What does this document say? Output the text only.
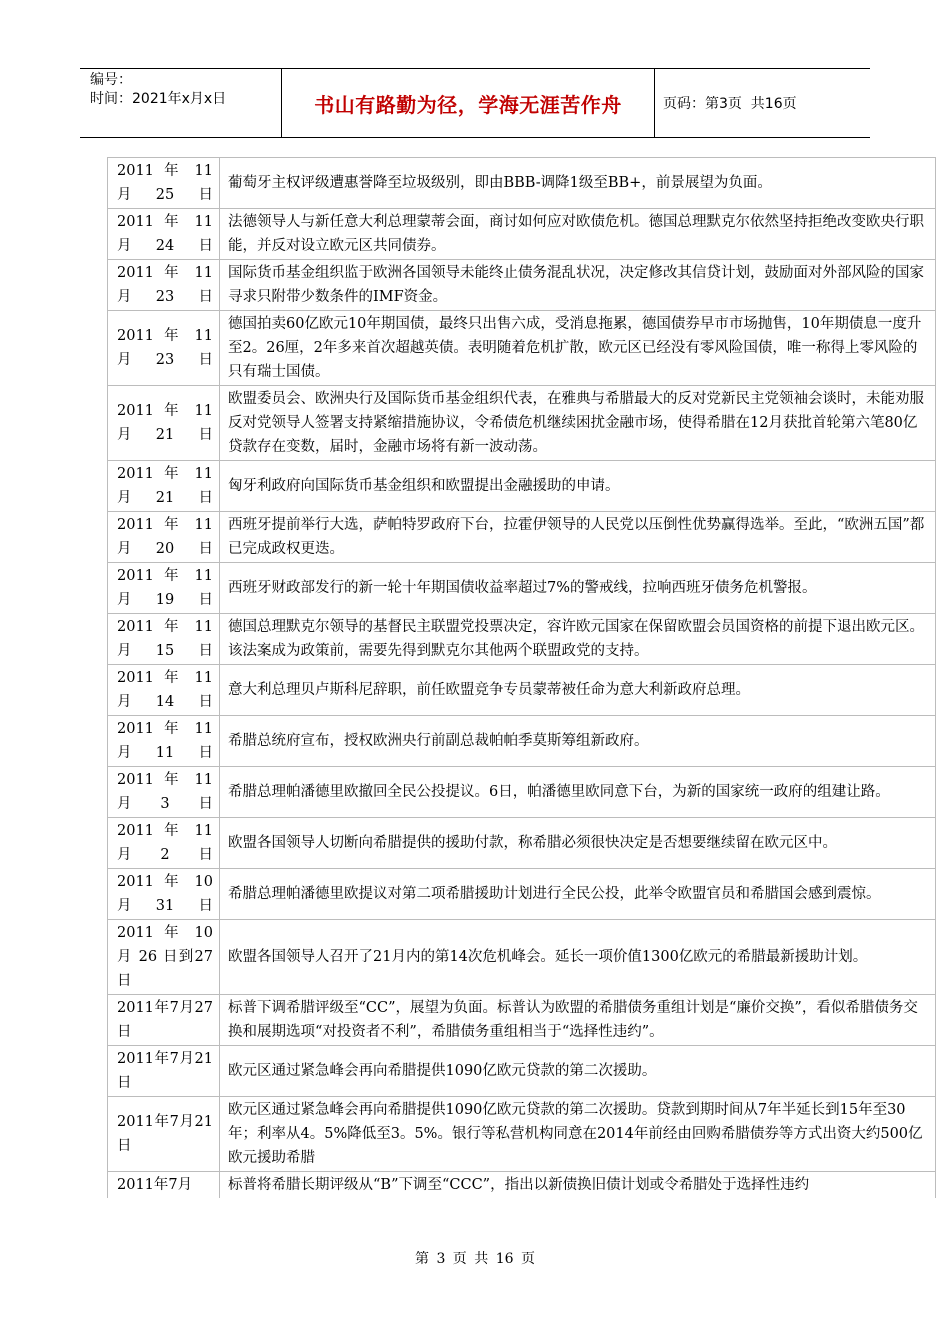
编号：
时间：2021年x月x日	书山有路勤为径，学海无涯苦作舟	页码：第3页  共16页
2011 年 11 月25日	葡萄牙主权评级遭惠誉降至垃圾级别，即由BBB-调降1级至BB+，前景展望为负面。
2011 年 11 月24日	法德领导人与新任意大利总理蒙蒂会面，商讨如何应对欧债危机。德国总理默克尔依然坚持拒绝改变欧央行职能，并反对设立欧元区共同债券。
2011 年 11 月23日	国际货币基金组织监于欧洲各国领导未能终止债务混乱状况，决定修改其信贷计划，鼓励面对外部风险的国家寻求只附带少数条件的IMF资金。
2011 年 11 月23日	德国拍卖60亿欧元10年期国债，最终只出售六成，受消息拖累，德国债券早市市场抛售，10年期债息一度升至2。26厘，2年多来首次超越英债。表明随着危机扩散，欧元区已经没有零风险国债，唯一称得上零风险的只有瑞士国债。
2011 年 11 月21日	欧盟委员会、欧洲央行及国际货币基金组织代表，在雅典与希腊最大的反对党新民主党领袖会谈时，未能劝服反对党领导人签署支持紧缩措施协议，令希债危机继续困扰金融市场，使得希腊在12月获批首轮第六笔80亿贷款存在变数，届时，金融市场将有新一波动荡。
2011 年 11 月21日	匈牙利政府向国际货币基金组织和欧盟提出金融援助的申请。
2011 年 11 月20日	西班牙提前举行大选，萨帕特罗政府下台，拉霍伊领导的人民党以压倒性优势赢得选举。至此，“欧洲五国”都已完成政权更迭。
2011 年 11 月19日	西班牙财政部发行的新一轮十年期国债收益率超过7%的警戒线，拉响西班牙债务危机警报。
2011 年 11 月15日	德国总理默克尔领导的基督民主联盟党投票决定，容许欧元国家在保留欧盟会员国资格的前提下退出欧元区。该法案成为政策前，需要先得到默克尔其他两个联盟政党的支持。
2011 年 11 月14日	意大利总理贝卢斯科尼辞职，前任欧盟竞争专员蒙蒂被任命为意大利新政府总理。
2011 年 11 月11日	希腊总统府宣布，授权欧洲央行前副总裁帕帕季莫斯筹组新政府。
2011 年 11 月3日	希腊总理帕潘德里欧撤回全民公投提议。6日，帕潘德里欧同意下台，为新的国家统一政府的组建让路。
2011 年 11 月2日	欧盟各国领导人切断向希腊提供的援助付款，称希腊必须很快决定是否想要继续留在欧元区中。
2011 年 10 月31日	希腊总理帕潘德里欧提议对第二项希腊援助计划进行全民公投，此举令欧盟官员和希腊国会感到震惊。
2011 年 10 月 26 日到27日	欧盟各国领导人召开了21月内的第14次危机峰会。延长一项价值1300亿欧元的希腊最新援助计划。
2011年7月27日	标普下调希腊评级至“CC”，展望为负面。标普认为欧盟的希腊债务重组计划是“廉价交换”，看似希腊债务交换和展期选项“对投资者不利”，希腊债务重组相当于“选择性违约”。
2011年7月21日	欧元区通过紧急峰会再向希腊提供1090亿欧元贷款的第二次援助。
2011年7月21日	欧元区通过紧急峰会再向希腊提供1090亿欧元贷款的第二次援助。贷款到期时间从7年半延长到15年至30年；利率从4。5%降低至3。5%。银行等私营机构同意在2014年前经由回购希腊债券等方式出资大约500亿欧元援助希腊
2011年7月	标普将希腊长期评级从“B”下调至“CCC”，指出以新债换旧债计划或令希腊处于选择性违约
第 3 页 共 16 页
